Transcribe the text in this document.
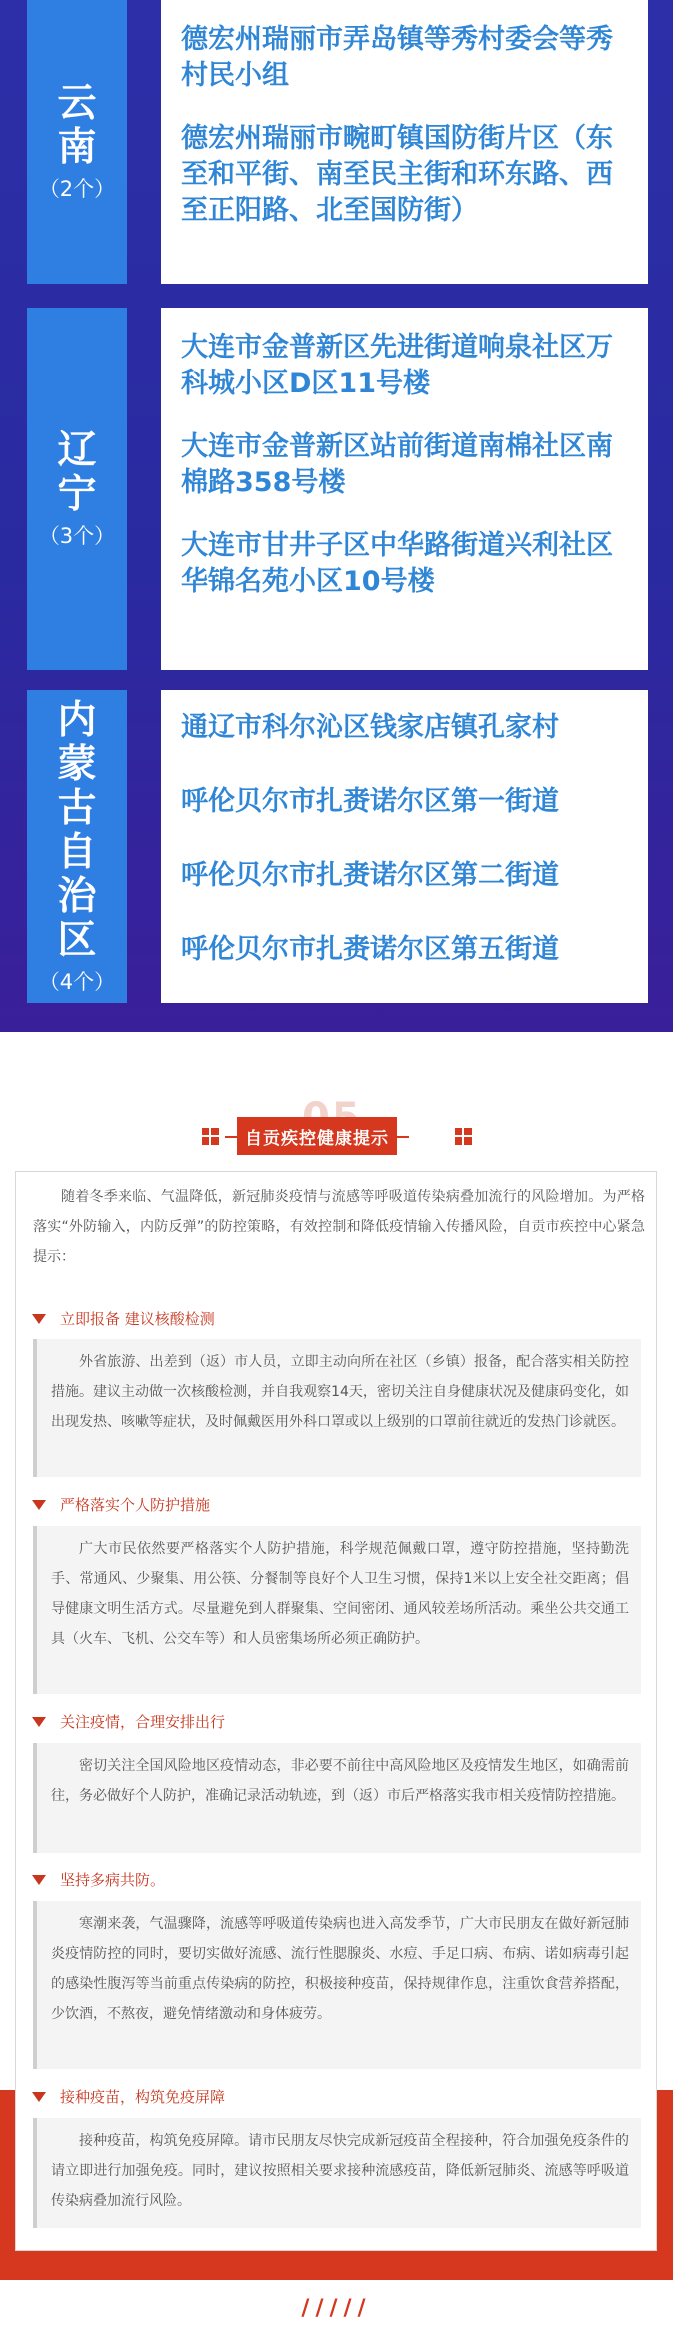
云南
（2个）

德宏州瑞丽市弄岛镇等秀村委会等秀村民小组

德宏州瑞丽市畹町镇国防街片区（东至和平街、南至民主街和环东路、西至正阳路、北至国防街）

辽宁
（3个）

大连市金普新区先进街道响泉社区万科城小区D区11号楼

大连市金普新区站前街道南棉社区南棉路358号楼

大连市甘井子区中华路街道兴利社区华锦名苑小区10号楼

内蒙古自治区
（4个）

通辽市科尔沁区钱家店镇孔家村

呼伦贝尔市扎赉诺尔区第一街道

呼伦贝尔市扎赉诺尔区第二街道

呼伦贝尔市扎赉诺尔区第五街道

自贡疾控健康提示
随着冬季来临、气温降低，新冠肺炎疫情与流感等呼吸道传染病叠加流行的风险增加。为严格落实“外防输入，内防反弹”的防控策略，有效控制和降低疫情输入传播风险，自贡市疾控中心紧急提示：
立即报备 建议核酸检测
外省旅游、出差到（返）市人员，立即主动向所在社区（乡镇）报备，配合落实相关防控措施。建议主动做一次核酸检测，并自我观察14天，密切关注自身健康状况及健康码变化，如出现发热、咳嗽等症状，及时佩戴医用外科口罩或以上级别的口罩前往就近的发热门诊就医。
严格落实个人防护措施
广大市民依然要严格落实个人防护措施，科学规范佩戴口罩，遵守防控措施，坚持勤洗手、常通风、少聚集、用公筷、分餐制等良好个人卫生习惯，保持1米以上安全社交距离；倡导健康文明生活方式。尽量避免到人群聚集、空间密闭、通风较差场所活动。乘坐公共交通工具（火车、飞机、公交车等）和人员密集场所必须正确防护。
关注疫情，合理安排出行
密切关注全国风险地区疫情动态，非必要不前往中高风险地区及疫情发生地区，如确需前往，务必做好个人防护，准确记录活动轨迹，到（返）市后严格落实我市相关疫情防控措施。
坚持多病共防。
寒潮来袭，气温骤降，流感等呼吸道传染病也进入高发季节，广大市民朋友在做好新冠肺炎疫情防控的同时，要切实做好流感、流行性腮腺炎、水痘、手足口病、布病、诺如病毒引起的感染性腹泻等当前重点传染病的防控，积极接种疫苗，保持规律作息，注重饮食营养搭配，少饮酒，不熬夜，避免情绪激动和身体疲劳。
接种疫苗，构筑免疫屏障
接种疫苗，构筑免疫屏障。请市民朋友尽快完成新冠疫苗全程接种，符合加强免疫条件的请立即进行加强免疫。同时，建议按照相关要求接种流感疫苗，降低新冠肺炎、流感等呼吸道传染病叠加流行风险。
/////
